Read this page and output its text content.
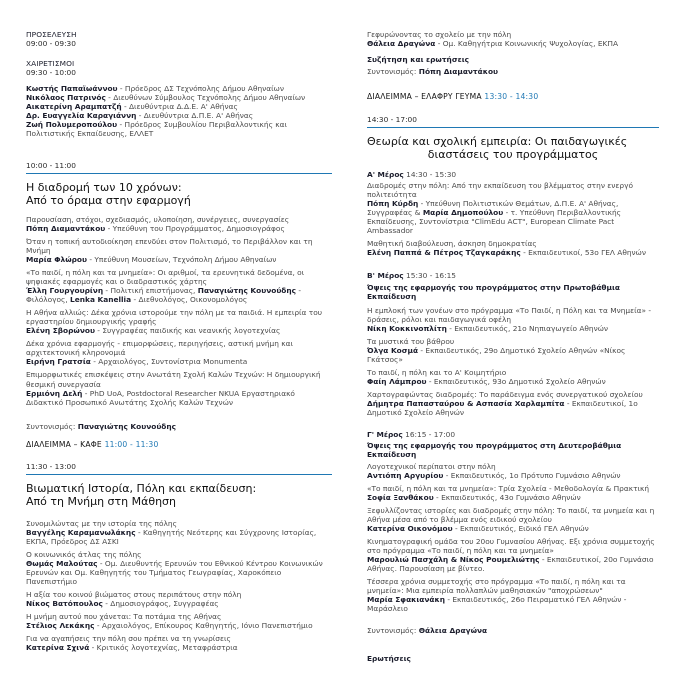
ΠΡΟΣΕΛΕΥΣΗ
09:00 - 09:30
ΧΑΙΡΕΤΙΣΜΟΙ
09:30 - 10:00
Κωστής Παπαϊωάννου - Πρόεδρος ΔΣ Τεχνόπολης Δήμου Αθηναίων
Νικόλαος Πατρινός - Διευθύνων Σύμβουλος Τεχνόπολης Δήμου Αθηναίων
Αικατερίνη Αραμπατζή - Διευθύντρια Δ.Δ.Ε. Α' Αθήνας
Δρ. Ευαγγελία Καραγιάννη - Διευθύντρια Δ.Π.Ε. Α' Αθήνας
Ζωή Πολυμεροπούλου - Πρόεδρος Συμβουλίου Περιβαλλοντικής και Πολιτιστικής Εκπαίδευσης, ΕΛΛΕΤ
10:00 - 11:00
Η διαδρομή των 10 χρόνων:
Από το όραμα στην εφαρμογή
Παρουσίαση, στόχοι, σχεδιασμός, υλοποίηση, συνέργειες, συνεργασίες
Πόπη Διαμαντάκου - Υπεύθυνη του Προγράμματος, Δημοσιογράφος
Όταν η τοπική αυτοδιοίκηση επενδύει στον Πολιτισμό, το Περιβάλλον και τη Μνήμη
Μαρία Φλώρου - Υπεύθυνη Μουσείων, Τεχνόπολη Δήμου Αθηναίων
«Το παιδί, η πόλη και τα μνημεία»: Οι αριθμοί, τα ερευνητικά δεδομένα, οι ψηφιακές εφαρμογές και ο διαδραστικός χάρτης
Έλλη Γουργουρίνη - Πολιτική επιστήμονας, Παναγιώτης Κουνούδης - Φιλόλογος, Lenka Kanellia - Διεθνολόγος, Οικονομολόγος
Η Αθήνα αλλιώς: Δέκα χρόνια ιστορούμε την πόλη με τα παιδιά. Η εμπειρία του εργαστηρίου δημιουργικής γραφής
Ελένη Σβορώνου - Συγγραφέας παιδικής και νεανικής λογοτεχνίας
Δέκα χρόνια εφαρμογής - επιμορφώσεις, περιηγήσεις, αστική μνήμη και αρχιτεκτονική κληρονομιά
Ειρήνη Γρατσία - Αρχαιολόγος, Συντονίστρια Monumenta
Επιμορφωτικές επισκέψεις στην Ανωτάτη Σχολή Καλών Τεχνών: Η δημιουργική θεσμική συνεργασία
Ερμιόνη Δελή - PhD UoA, Postdoctoral Researcher NKUA Εργαστηριακό Διδακτικό Προσωπικό Ανωτάτης Σχολής Καλών Τεχνών
Συντονισμός: Παναγιώτης Κουνούδης
ΔΙΑΛΕΙΜΜΑ – ΚΑΦΕ 11:00 - 11:30
11:30 - 13:00
Βιωματική Ιστορία, Πόλη και εκπαίδευση:
Από τη Μνήμη στη Μάθηση
Συνομιλώντας με την ιστορία της πόλης
Βαγγέλης Καραμανωλάκης - Καθηγητής Νεότερης και Σύγχρονης Ιστορίας, ΕΚΠΑ, Πρόεδρος ΔΣ ΑΣΚΙ
Ο κοινωνικός άτλας της πόλης
Θωμάς Μαλούτας - Ομ. Διευθυντής Ερευνών του Εθνικού Κέντρου Κοινωνικών Ερευνών και Ομ. Καθηγητής του Τμήματος Γεωγραφίας, Χαροκόπειο Πανεπιστήμιο
Η αξία του κοινού βιώματος στους περιπάτους στην πόλη
Νίκος Βατόπουλος - Δημοσιογράφος, Συγγραφέας
Η μνήμη αυτού που χάνεται: Τα ποτάμια της Αθήνας
Στέλιος Λεκάκης - Αρχαιολόγος, Επίκουρος Καθηγητής, Ιόνιο Πανεπιστήμιο
Για να αγαπήσεις την πόλη σου πρέπει να τη γνωρίσεις
Κατερίνα Σχινά - Κριτικός λογοτεχνίας, Μεταφράστρια
Γεφυρώνοντας το σχολείο με την πόλη
Θάλεια Δραγώνα - Ομ. Καθηγήτρια Κοινωνικής Ψυχολογίας, ΕΚΠΑ
Συζήτηση και ερωτήσεις
Συντονισμός: Πόπη Διαμαντάκου
ΔΙΑΛΕΙΜΜΑ – ΕΛΑΦΡΥ ΓΕΥΜΑ 13:30 - 14:30
14:30 - 17:00
Θεωρία και σχολική εμπειρία: Οι παιδαγωγικές
διαστάσεις του προγράμματος
Α' Μέρος 14:30 - 15:30
Διαδρομές στην πόλη: Από την εκπαίδευση του βλέμματος στην ενεργό πολιτειότητα
Πόπη Κύρδη - Υπεύθυνη Πολιτιστικών Θεμάτων, Δ.Π.Ε. Α' Αθήνας, Συγγραφέας & Μαρία Δημοπούλου - τ. Υπεύθυνη Περιβαλλοντικής Εκπαίδευσης, Συντονίστρια "ClimEdu ACT", European Climate Pact Ambassador
Μαθητική διαβούλευση, άσκηση δημοκρατίας
Ελένη Παππά & Πέτρος Τζαγκαράκης - Εκπαιδευτικοί, 53ο ΓΕΛ Αθηνών
Β' Μέρος 15:30 - 16:15
Όψεις της εφαρμογής του προγράμματος στην Πρωτοβάθμια Εκπαίδευση
Η εμπλοκή των γονέων στο πρόγραμμα «Το Παιδί, η Πόλη και τα Μνημεία» - δράσεις, ρόλοι και παιδαγωγικά οφέλη
Νίκη Κοκκινοπλίτη - Εκπαιδευτικός, 21ο Νηπιαγωγείο Αθηνών
Τα μυστικά του βάθρου
Όλγα Κοσμά - Εκπαιδευτικός, 29ο Δημοτικό Σχολείο Αθηνών «Νίκος Γκάτσος»
Το παιδί, η πόλη και το Α' Κοιμητήριο
Φαίη Λάμπρου - Εκπαιδευτικός, 93ο Δημοτικό Σχολείο Αθηνών
Χαρτογραφώντας διαδρομές: Το παράδειγμα ενός συνεργατικού σχολείου
Δήμητρα Παπασταύρου & Ασπασία Χαρλαμπίτα - Εκπαιδευτικοί, 1ο Δημοτικό Σχολείο Αθηνών
Γ' Μέρος 16:15 - 17:00
Όψεις της εφαρμογής του προγράμματος στη Δευτεροβάθμια Εκπαίδευση
Λογοτεχνικοί περίπατοι στην πόλη
Αντιόπη Αργυρίου - Εκπαιδευτικός, 1ο Πρότυπο Γυμνάσιο Αθηνών
«Το παιδί, η πόλη και τα μνημεία»: Τρία Σχολεία - Μεθοδολογία & Πρακτική
Σοφία Ξανθάκου - Εκπαιδευτικός, 43ο Γυμνάσιο Αθηνών
Ξεφυλλίζοντας ιστορίες και διαδρομές στην πόλη: Το παιδί, τα μνημεία και η Αθήνα μέσα από το βλέμμα ενός ειδικού σχολείου
Κατερίνα Οικονόμου - Εκπαιδευτικός, Ειδικό ΓΕΛ Αθηνών
Κινηματογραφική ομάδα του 20ου Γυμνασίου Αθήνας. Εξι χρόνια συμμετοχής στο πρόγραμμα «Το παιδί, η πόλη και τα μνημεία»
Μαρουλιώ Πασχάλη & Νίκος Ρουμελιώτης - Εκπαιδευτικοί, 20ο Γυμνάσιο Αθήνας. Παρουσίαση με βίντεο.
Τέσσερα χρόνια συμμετοχής στο πρόγραμμα «Το παιδί, η πόλη και τα μνημεία»: Μια εμπειρία πολλαπλών μαθησιακών "αποχρώσεων"
Μαρία Σφακιανάκη - Εκπαιδευτικός, 26ο Πειραματικό ΓΕΛ Αθηνών - Μαράσλειο
Συντονισμός: Θάλεια Δραγώνα
Ερωτήσεις
